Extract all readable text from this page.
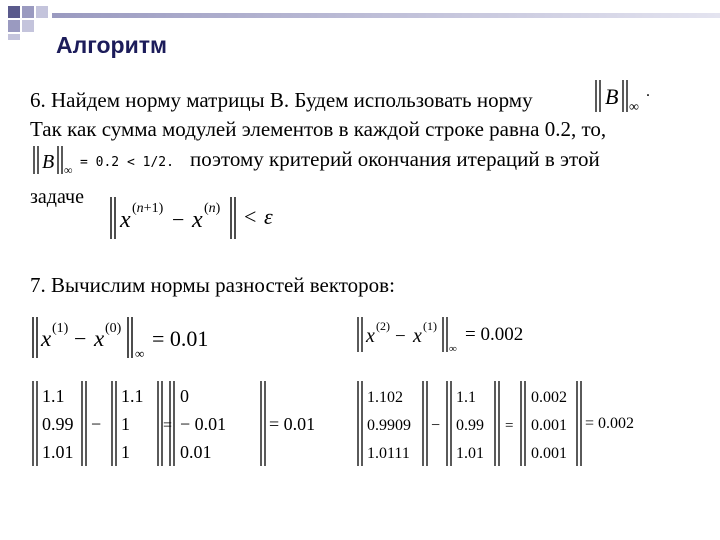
Алгоритм
6. Найдем норму матрицы B. Будем использовать норму	B ∞
.
Так как сумма модулей элементов в каждой строке равна 0.2, то,
B ∞ = 0.2 < 1/2. поэтому критерий окончания итераций в этой
задаче
x (n+1) − x (n) < ε
7. Вычислим нормы разностей векторов:
x (1) − x (0)
∞
= 0.01	x (2) − x (1)
∞
= 0.002
1.1
0.99
1.01
−
1.1
1
1
=
0
− 0.01
0.01
= 0.01
1.102
0.9909
1.0111
−
1.1
0.99
1.01
=
0.002
0.001
0.001
= 0.002
